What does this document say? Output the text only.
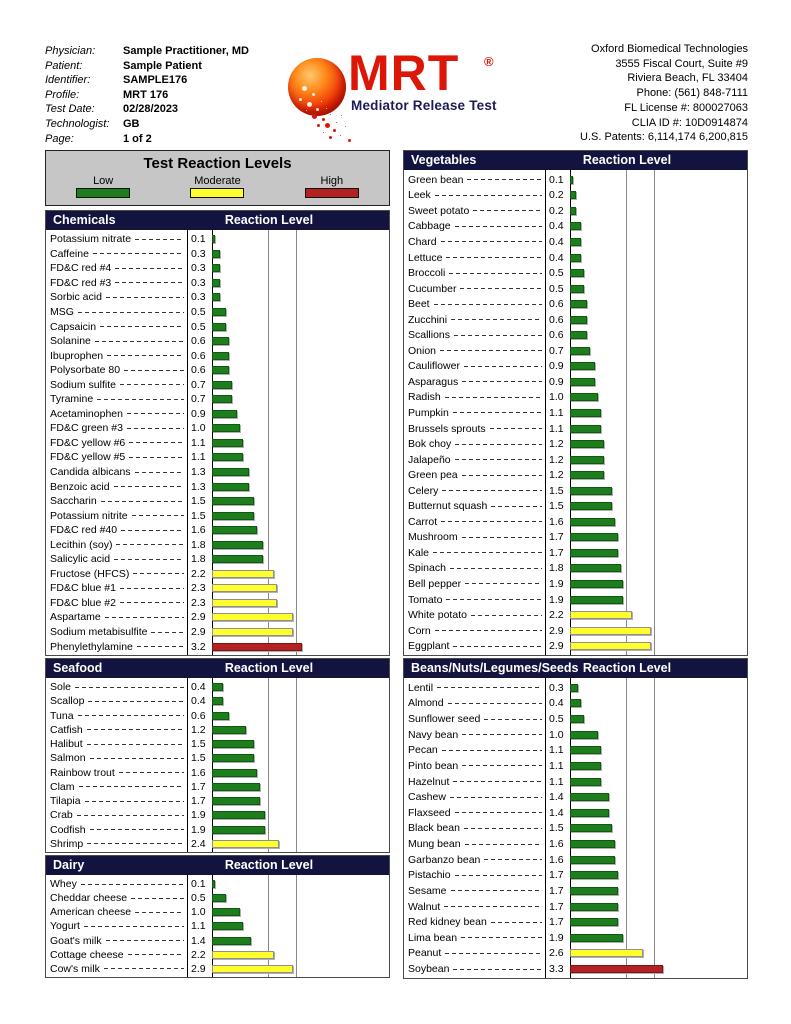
Physician:	Sample Practitioner, MD
Patient:	Sample Patient
Identifier:	SAMPLE176
Profile:	MRT 176
Test Date:	02/28/2023
Technologist: GB
Page:	1 of 2
MRT ®
Mediator Release Test
Oxford Biomedical Technologies
3555 Fiscal Court, Suite #9
Riviera Beach, FL 33404
Phone: (561) 848-7111
FL License #: 800027063
CLIA ID #: 10D0914874
U.S. Patents: 6,114,174 6,200,815
Test Reaction Levels
Low	Moderate	High
Chemicals	Reaction Level
Potassium nitrate	0.1
Caffeine	0.3
FD&C red #4	0.3
FD&C red #3	0.3
Sorbic acid	0.3
MSG	0.5
Capsaicin	0.5
Solanine	0.6
Ibuprophen	0.6
Polysorbate 80	0.6
Sodium sulfite	0.7
Tyramine	0.7
Acetaminophen	0.9
FD&C green #3	1.0
FD&C yellow #6	1.1
FD&C yellow #5	1.1
Candida albicans	1.3
Benzoic acid	1.3
Saccharin	1.5
Potassium nitrite	1.5
FD&C red #40	1.6
Lecithin (soy)	1.8
Salicylic acid	1.8
Fructose (HFCS)	2.2
FD&C blue #1	2.3
FD&C blue #2	2.3
Aspartame	2.9
Sodium metabisulfite	2.9
Phenylethylamine	3.2
Seafood	Reaction Level
Sole	0.4
Scallop	0.4
Tuna	0.6
Catfish	1.2
Halibut	1.5
Salmon	1.5
Rainbow trout	1.6
Clam	1.7
Tilapia	1.7
Crab	1.9
Codfish	1.9
Shrimp	2.4
Dairy	Reaction Level
Whey	0.1
Cheddar cheese	0.5
American cheese	1.0
Yogurt	1.1
Goat's milk	1.4
Cottage cheese	2.2
Cow's milk	2.9
Vegetables	Reaction Level
Green bean	0.1
Leek	0.2
Sweet potato	0.2
Cabbage	0.4
Chard	0.4
Lettuce	0.4
Broccoli	0.5
Cucumber	0.5
Beet	0.6
Zucchini	0.6
Scallions	0.6
Onion	0.7
Cauliflower	0.9
Asparagus	0.9
Radish	1.0
Pumpkin	1.1
Brussels sprouts	1.1
Bok choy	1.2
Jalapeño	1.2
Green pea	1.2
Celery	1.5
Butternut squash	1.5
Carrot	1.6
Mushroom	1.7
Kale	1.7
Spinach	1.8
Bell pepper	1.9
Tomato	1.9
White potato	2.2
Corn	2.9
Eggplant	2.9
Beans/Nuts/Legumes/Seeds Reaction Level
Lentil	0.3
Almond	0.4
Sunflower seed	0.5
Navy bean	1.0
Pecan	1.1
Pinto bean	1.1
Hazelnut	1.1
Cashew	1.4
Flaxseed	1.4
Black bean	1.5
Mung bean	1.6
Garbanzo bean	1.6
Pistachio	1.7
Sesame	1.7
Walnut	1.7
Red kidney bean	1.7
Lima bean	1.9
Peanut	2.6
Soybean	3.3
